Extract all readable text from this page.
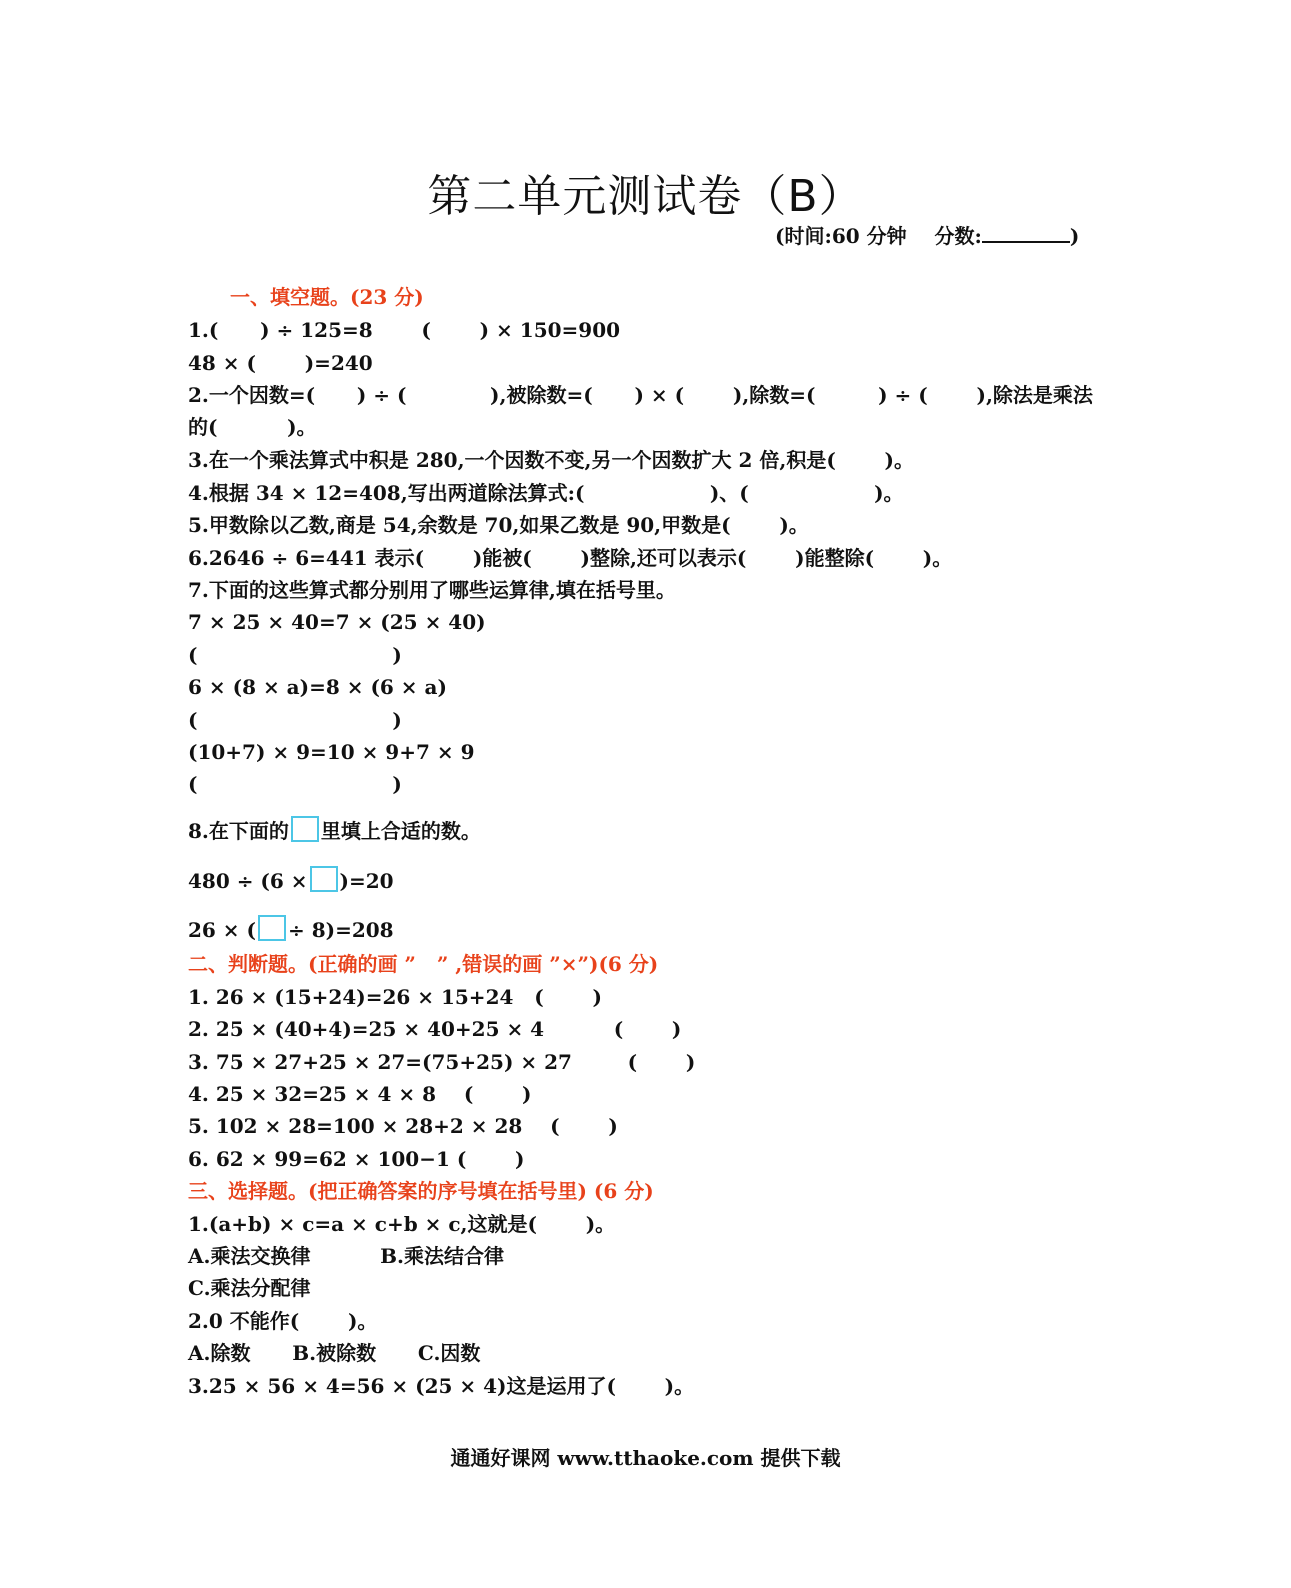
第二单元测试卷（B）
(时间:60 分钟    分数:	)
一、填空题。(23 分)
1.(      ) ÷ 125=8       (       ) × 150=900
48 × (       )=240
2.一个因数=(      ) ÷ (            ),被除数=(      ) × (       ),除数=(         ) ÷ (       ),除法是乘法
的(          )。
3.在一个乘法算式中积是 280,一个因数不变,另一个因数扩大 2 倍,积是(       )。
4.根据 34 × 12=408,写出两道除法算式:(                  )、(                  )。
5.甲数除以乙数,商是 54,余数是 70,如果乙数是 90,甲数是(       )。
6.2646 ÷ 6=441 表示(       )能被(       )整除,还可以表示(       )能整除(       )。
7.下面的这些算式都分别用了哪些运算律,填在括号里。
7 × 25 × 40=7 × (25 × 40)
(                            )
6 × (8 × a)=8 × (6 × a)
(                            )
(10+7) × 9=10 × 9+7 × 9
(                            )
8.在下面的 里填上合适的数。
480 ÷ (6 × )=20
26 × ( ÷ 8)=208
二、判断题。(正确的画 ”   ” ,错误的画 ”×”)(6 分)
1. 26 × (15+24)=26 × 15+24   (       )
2. 25 × (40+4)=25 × 40+25 × 4          (       )
3. 75 × 27+25 × 27=(75+25) × 27        (       )
4. 25 × 32=25 × 4 × 8    (       )
5. 102 × 28=100 × 28+2 × 28    (       )
6. 62 × 99=62 × 100−1 (       )
三、选择题。(把正确答案的序号填在括号里) (6 分)
1.(a+b) × c=a × c+b × c,这就是(       )。
A.乘法交换律          B.乘法结合律
C.乘法分配律
2.0 不能作(       )。
A.除数      B.被除数      C.因数
3.25 × 56 × 4=56 × (25 × 4)这是运用了(       )。
通通好课网 www.tthaoke.com 提供下载
